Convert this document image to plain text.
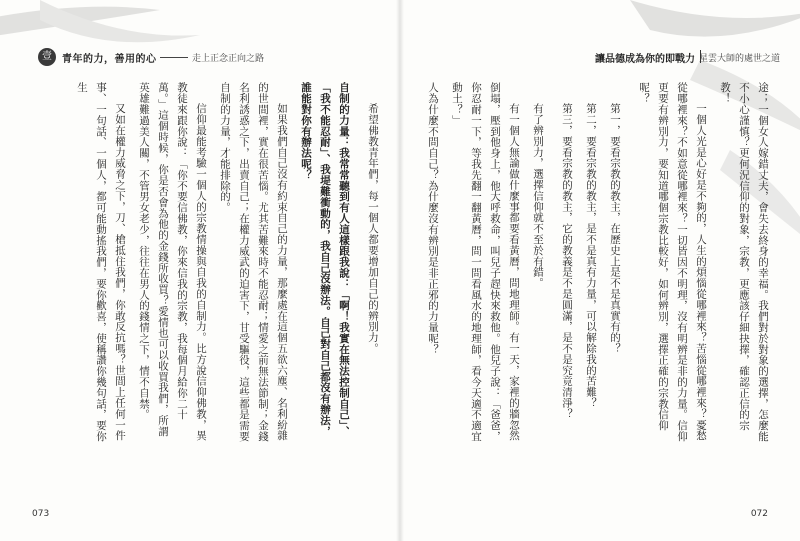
壹	青年的力，善用的心	走上正念正向之路
073
讓品德成為你的即戰力 星雲大師的處世之道
072

途；一個女人嫁錯丈夫，會失去終身的幸福。我們對於對象的選擇，怎麼能不小心謹慎？更何況信仰的對象，宗教，更應該仔細抉擇，確認正信的宗教！

一個人光是心好是不夠的，人生的煩惱從哪裡來？苦惱從哪裡來？憂愁從哪裡來？不如意從哪裡來？一切皆因不明理，沒有明辨是非的力量。信仰更要有辨別力，要知道哪個宗教比較好，如何辨別，選擇正確的宗教信仰呢？

第一，要看宗教的教主，在歷史上是不是真實有的？

第二，要看宗教的教主，是不是真有力量，可以解除我的苦難？

第三，要看宗教的教主，它的教義是不是圓滿，是不是究竟清淨？

有了辨別力，選擇信仰就不至於有錯。

有一個人無論做什麼事都要看黃曆，問地理師。有一天，家裡的牆忽然倒塌，壓到他身上，他大呼救命，叫兒子趕快來救他。他兒子說：「爸爸，你忍耐一下，等我先翻一翻黃曆，問一問看風水的地理師，看今天適不適宜動土？」

人為什麼不問自己？為什麼沒有辨別是非正邪的力量呢？

希望佛教青年們，每一個人都要增加自己的辨別力。

自制的力量：我常常聽到有人這樣跟我說：「啊！我實在無法控制自己」、「我不能忍耐」、我堤難衝動的，我自己沒辦法。自己對自己都沒有辦法，誰能對你有辦法呢？

如果我們自己沒有約束自己的力量，那麼處在這個五欲六塵、名利紛雜的世間裡，實在很苦惱。尤其苦難來時不能忍耐；情愛之前無法節制；金錢名利誘惑之下，出賣自己；在權力威武的迫害下，甘受驅役，這些都是需要自制的力量，才能排除的。

信仰最能考驗一個人的宗教情操與自我的自制力。比方說信仰佛教，異教徒來跟你說：「你不要信佛教，你來信我的宗教，我每個月給你二十萬。」這個時候，你是否會為他的金錢所收買？愛情也可以收買我們，所謂英雄難過美人關，不管男女老少，往往在男人的錢情之下，情不自禁。

又如在權力威脅之下，刀、槍抵住我們，你敢反抗嗎？世間上任何一件事、一句話、一個人，都可能動搖我們，要你歡喜，使稱讚你幾句話，要你生
